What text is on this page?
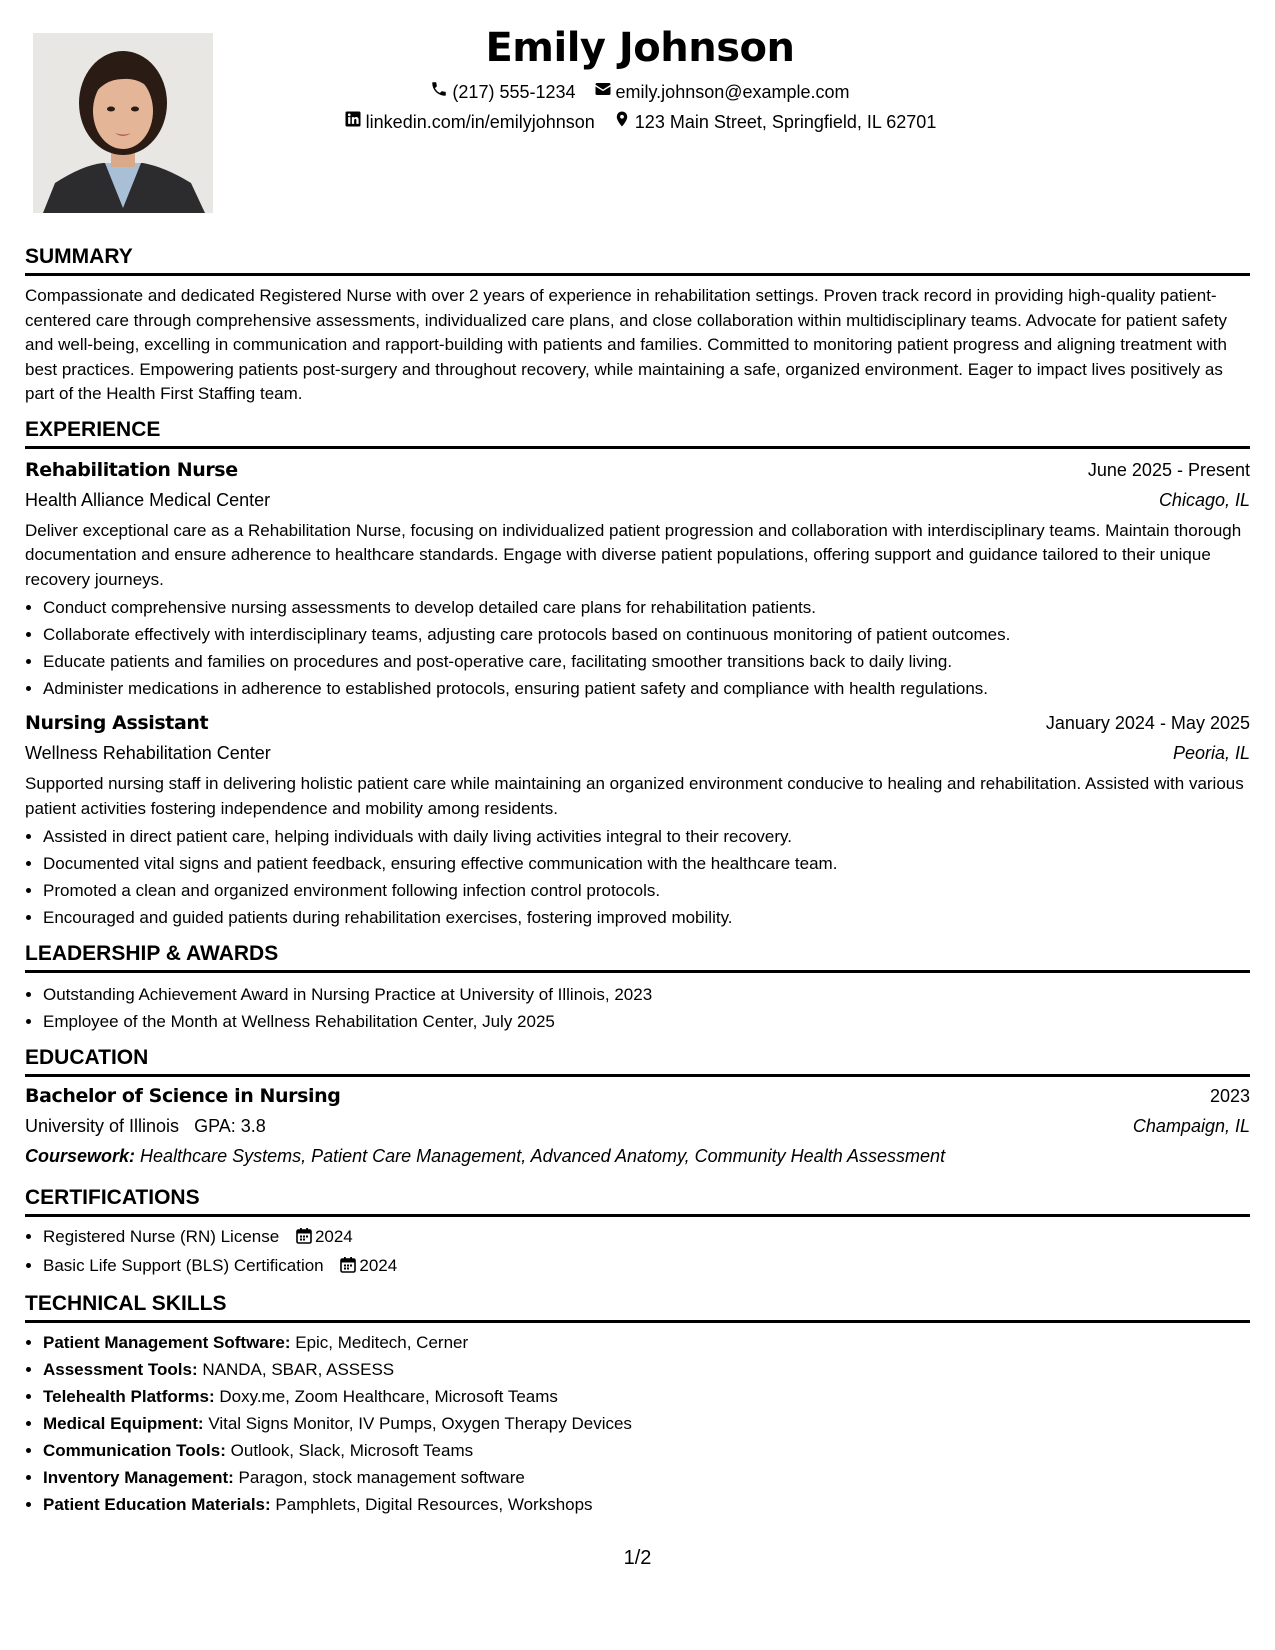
Emily Johnson
(217) 555-1234 emily.johnson@example.com
linkedin.com/in/emilyjohnson 123 Main Street, Springfield, IL 62701
SUMMARY

Compassionate and dedicated Registered Nurse with over 2 years of experience in rehabilitation settings. Proven track record in providing high-quality patient-centered care through comprehensive assessments, individualized care plans, and close collaboration within multidisciplinary teams. Advocate for patient safety and well-being, excelling in communication and rapport-building with patients and families. Committed to monitoring patient progress and aligning treatment with best practices. Empowering patients post-surgery and throughout recovery, while maintaining a safe, organized environment. Eager to impact lives positively as part of the Health First Staffing team.

EXPERIENCE
Rehabilitation Nurse	June 2025 - Present
Health Alliance Medical Center	Chicago, IL

Deliver exceptional care as a Rehabilitation Nurse, focusing on individualized patient progression and collaboration with interdisciplinary teams. Maintain thorough documentation and ensure adherence to healthcare standards. Engage with diverse patient populations, offering support and guidance tailored to their unique recovery journeys.

• Conduct comprehensive nursing assessments to develop detailed care plans for rehabilitation patients.
• Collaborate effectively with interdisciplinary teams, adjusting care protocols based on continuous monitoring of patient outcomes.
• Educate patients and families on procedures and post-operative care, facilitating smoother transitions back to daily living.
• Administer medications in adherence to established protocols, ensuring patient safety and compliance with health regulations.
Nursing Assistant	January 2024 - May 2025
Wellness Rehabilitation Center	Peoria, IL

Supported nursing staff in delivering holistic patient care while maintaining an organized environment conducive to healing and rehabilitation. Assisted with various patient activities fostering independence and mobility among residents.

• Assisted in direct patient care, helping individuals with daily living activities integral to their recovery.
• Documented vital signs and patient feedback, ensuring effective communication with the healthcare team.
• Promoted a clean and organized environment following infection control protocols.
• Encouraged and guided patients during rehabilitation exercises, fostering improved mobility.
LEADERSHIP & AWARDS
• Outstanding Achievement Award in Nursing Practice at University of Illinois, 2023
• Employee of the Month at Wellness Rehabilitation Center, July 2025
EDUCATION
Bachelor of Science in Nursing	2023
University of Illinois GPA: 3.8	Champaign, IL
Coursework: Healthcare Systems, Patient Care Management, Advanced Anatomy, Community Health Assessment
CERTIFICATIONS
• Registered Nurse (RN) License 2024
• Basic Life Support (BLS) Certification 2024
TECHNICAL SKILLS
• Patient Management Software: Epic, Meditech, Cerner
• Assessment Tools: NANDA, SBAR, ASSESS
• Telehealth Platforms: Doxy.me, Zoom Healthcare, Microsoft Teams
• Medical Equipment: Vital Signs Monitor, IV Pumps, Oxygen Therapy Devices
• Communication Tools: Outlook, Slack, Microsoft Teams
• Inventory Management: Paragon, stock management software
• Patient Education Materials: Pamphlets, Digital Resources, Workshops
1/2
